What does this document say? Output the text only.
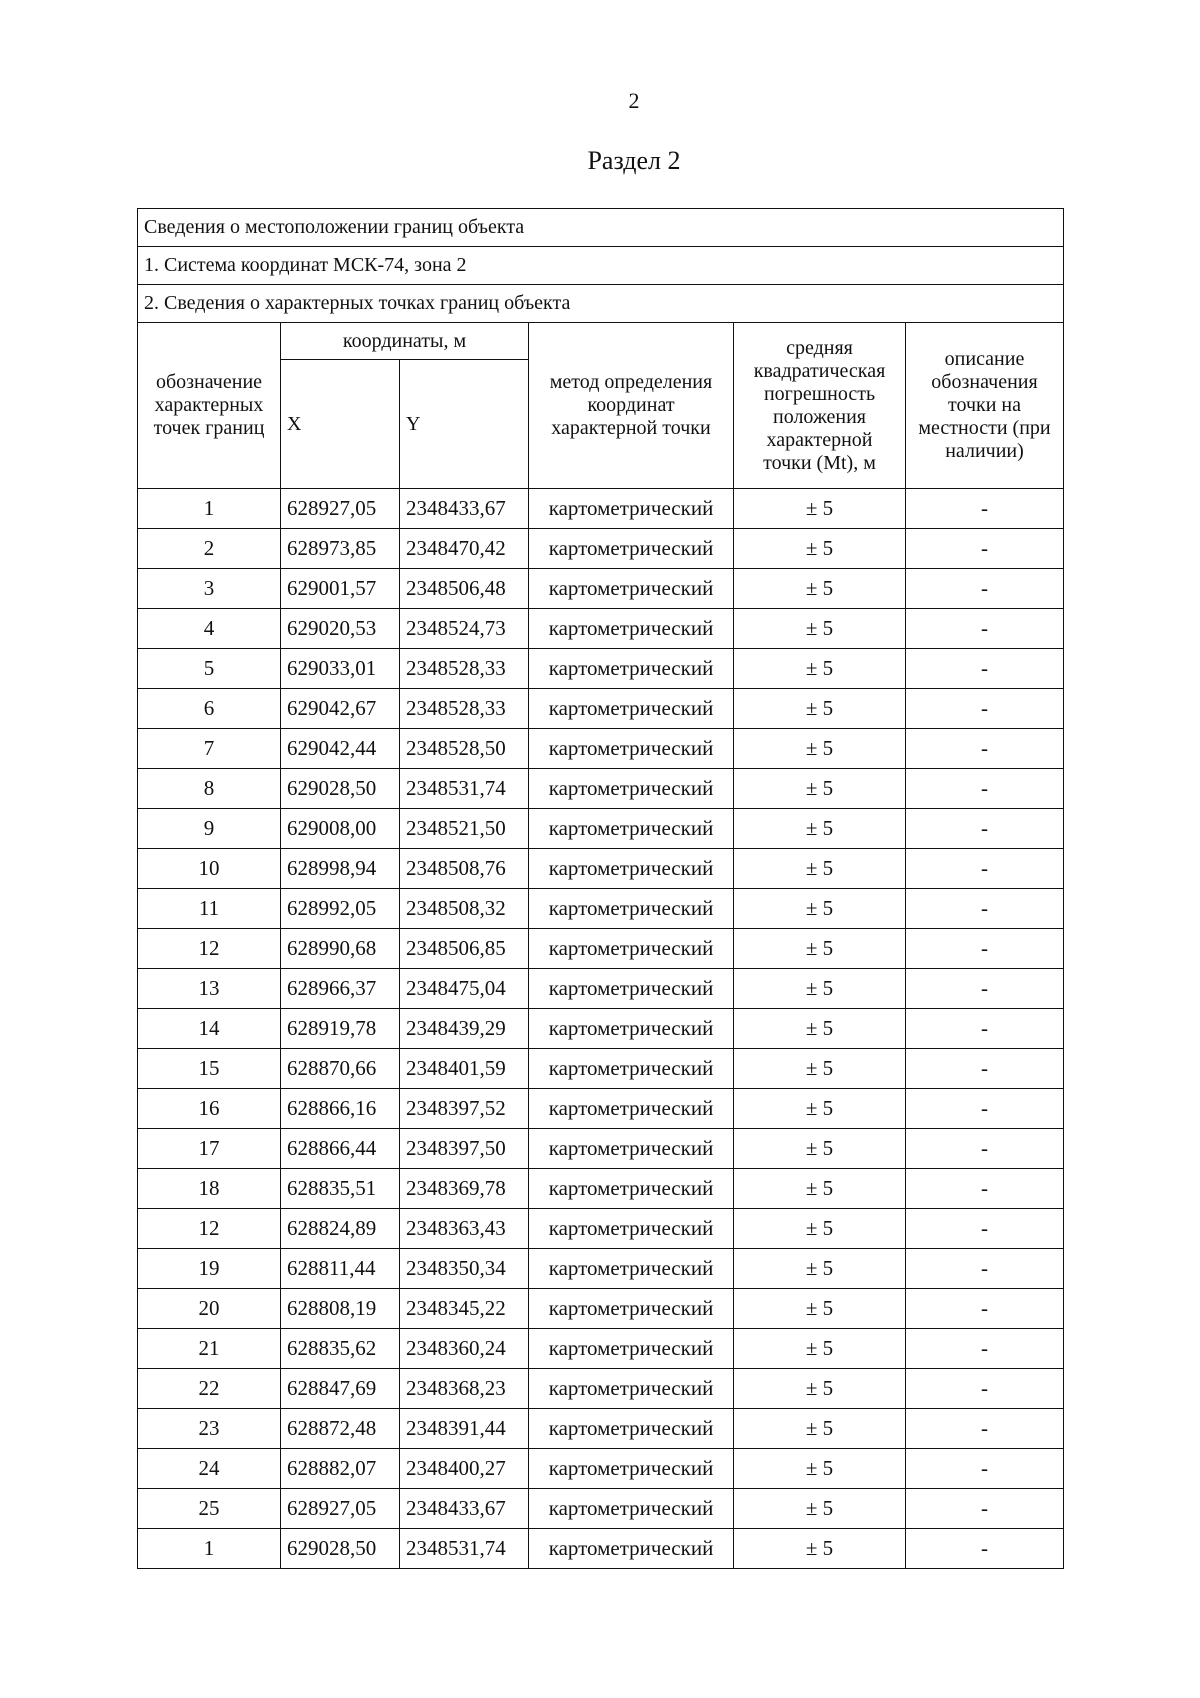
2
Раздел 2
Сведения о местоположении границ объекта					
1. Система координат МСК-74, зона 2					
2. Сведения о характерных точках границ объекта					
обозначение характерных точек границ	координаты, м		метод определения координат характерной точки	средняя квадратическая погрешность положения характерной точки (Mt), м	описание обозначения точки на местности (при наличии)
	X	Y			
1	628927,05	2348433,67	картометрический	± 5	-
2	628973,85	2348470,42	картометрический	± 5	-
3	629001,57	2348506,48	картометрический	± 5	-
4	629020,53	2348524,73	картометрический	± 5	-
5	629033,01	2348528,33	картометрический	± 5	-
6	629042,67	2348528,33	картометрический	± 5	-
7	629042,44	2348528,50	картометрический	± 5	-
8	629028,50	2348531,74	картометрический	± 5	-
9	629008,00	2348521,50	картометрический	± 5	-
10	628998,94	2348508,76	картометрический	± 5	-
11	628992,05	2348508,32	картометрический	± 5	-
12	628990,68	2348506,85	картометрический	± 5	-
13	628966,37	2348475,04	картометрический	± 5	-
14	628919,78	2348439,29	картометрический	± 5	-
15	628870,66	2348401,59	картометрический	± 5	-
16	628866,16	2348397,52	картометрический	± 5	-
17	628866,44	2348397,50	картометрический	± 5	-
18	628835,51	2348369,78	картометрический	± 5	-
12	628824,89	2348363,43	картометрический	± 5	-
19	628811,44	2348350,34	картометрический	± 5	-
20	628808,19	2348345,22	картометрический	± 5	-
21	628835,62	2348360,24	картометрический	± 5	-
22	628847,69	2348368,23	картометрический	± 5	-
23	628872,48	2348391,44	картометрический	± 5	-
24	628882,07	2348400,27	картометрический	± 5	-
25	628927,05	2348433,67	картометрический	± 5	-
1	629028,50	2348531,74	картометрический	± 5	-
